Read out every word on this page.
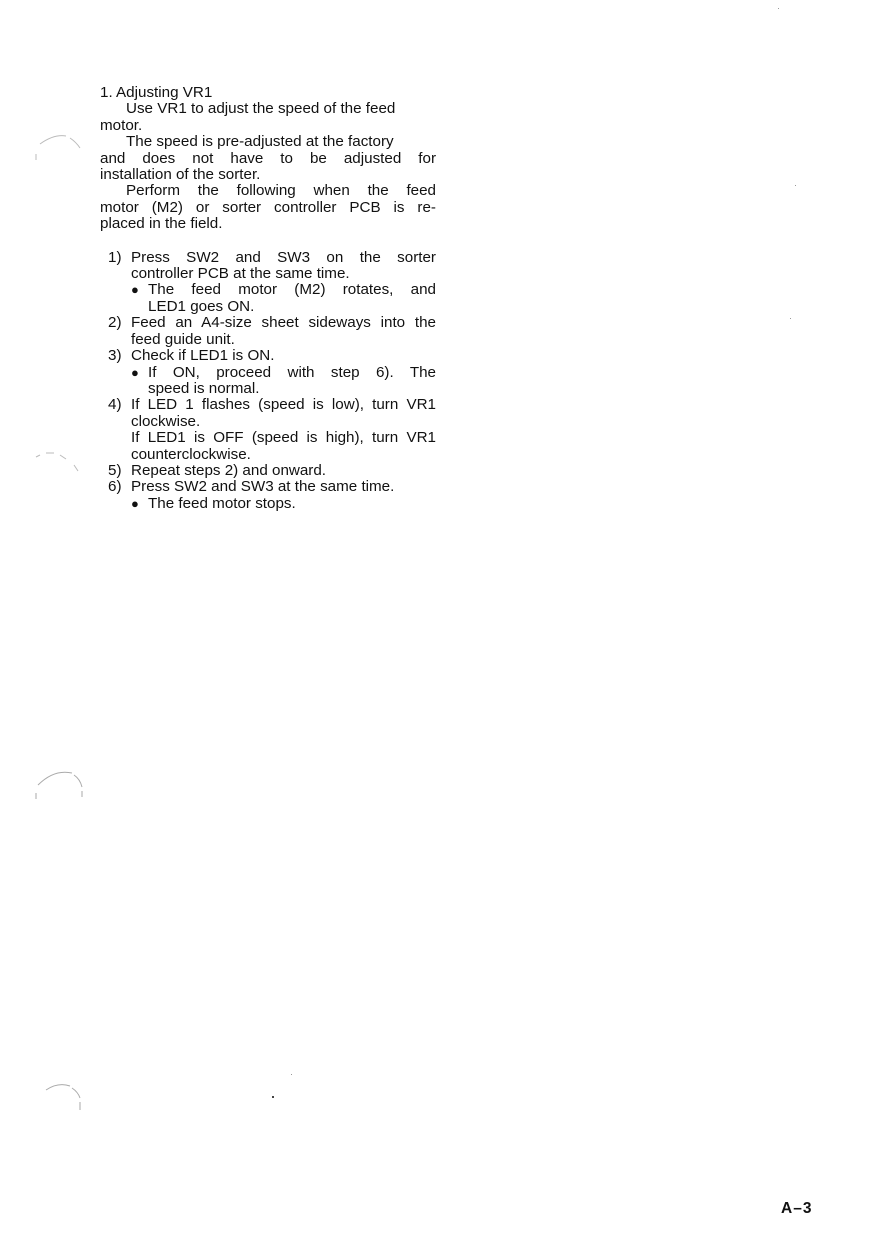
1. Adjusting VR1
Use VR1 to adjust the speed of the feed
motor.
The speed is pre-adjusted at the factory
and does not have to be adjusted for
installation of the sorter.
Perform the following when the feed
motor (M2) or sorter controller PCB is re-
placed in the field.
1) Press SW2 and SW3 on the sorter
controller PCB at the same time.
● The feed motor (M2) rotates, and
LED1 goes ON.
2) Feed an A4-size sheet sideways into the
feed guide unit.
3) Check if LED1 is ON.
● If ON, proceed with step 6). The
speed is normal.
4) If LED 1 flashes (speed is low), turn VR1
clockwise.
If LED1 is OFF (speed is high), turn VR1
counterclockwise.
5) Repeat steps 2) and onward.
6) Press SW2 and SW3 at the same time.
● The feed motor stops.
A–3
